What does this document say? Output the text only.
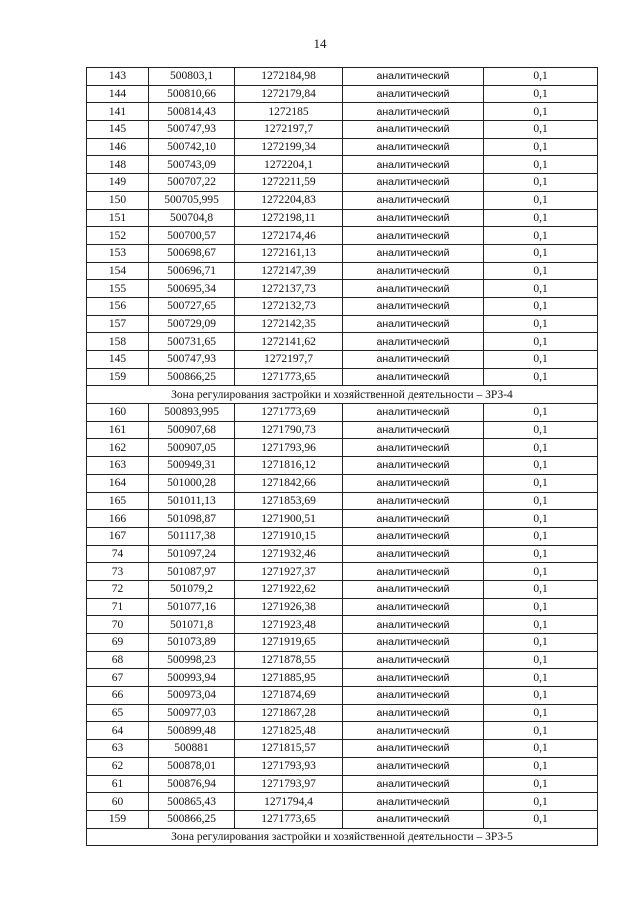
14
143	500803,1	1272184,98	аналитический	0,1
144	500810,66	1272179,84	аналитический	0,1
141	500814,43	1272185	аналитический	0,1
145	500747,93	1272197,7	аналитический	0,1
146	500742,10	1272199,34	аналитический	0,1
148	500743,09	1272204,1	аналитический	0,1
149	500707,22	1272211,59	аналитический	0,1
150	500705,995	1272204,83	аналитический	0,1
151	500704,8	1272198,11	аналитический	0,1
152	500700,57	1272174,46	аналитический	0,1
153	500698,67	1272161,13	аналитический	0,1
154	500696,71	1272147,39	аналитический	0,1
155	500695,34	1272137,73	аналитический	0,1
156	500727,65	1272132,73	аналитический	0,1
157	500729,09	1272142,35	аналитический	0,1
158	500731,65	1272141,62	аналитический	0,1
145	500747,93	1272197,7	аналитический	0,1
159	500866,25	1271773,65	аналитический	0,1
Зона регулирования застройки и хозяйственной деятельности – ЗРЗ-4				
160	500893,995	1271773,69	аналитический	0,1
161	500907,68	1271790,73	аналитический	0,1
162	500907,05	1271793,96	аналитический	0,1
163	500949,31	1271816,12	аналитический	0,1
164	501000,28	1271842,66	аналитический	0,1
165	501011,13	1271853,69	аналитический	0,1
166	501098,87	1271900,51	аналитический	0,1
167	501117,38	1271910,15	аналитический	0,1
74	501097,24	1271932,46	аналитический	0,1
73	501087,97	1271927,37	аналитический	0,1
72	501079,2	1271922,62	аналитический	0,1
71	501077,16	1271926,38	аналитический	0,1
70	501071,8	1271923,48	аналитический	0,1
69	501073,89	1271919,65	аналитический	0,1
68	500998,23	1271878,55	аналитический	0,1
67	500993,94	1271885,95	аналитический	0,1
66	500973,04	1271874,69	аналитический	0,1
65	500977,03	1271867,28	аналитический	0,1
64	500899,48	1271825,48	аналитический	0,1
63	500881	1271815,57	аналитический	0,1
62	500878,01	1271793,93	аналитический	0,1
61	500876,94	1271793,97	аналитический	0,1
60	500865,43	1271794,4	аналитический	0,1
159	500866,25	1271773,65	аналитический	0,1
Зона регулирования застройки и хозяйственной деятельности – ЗРЗ-5				
